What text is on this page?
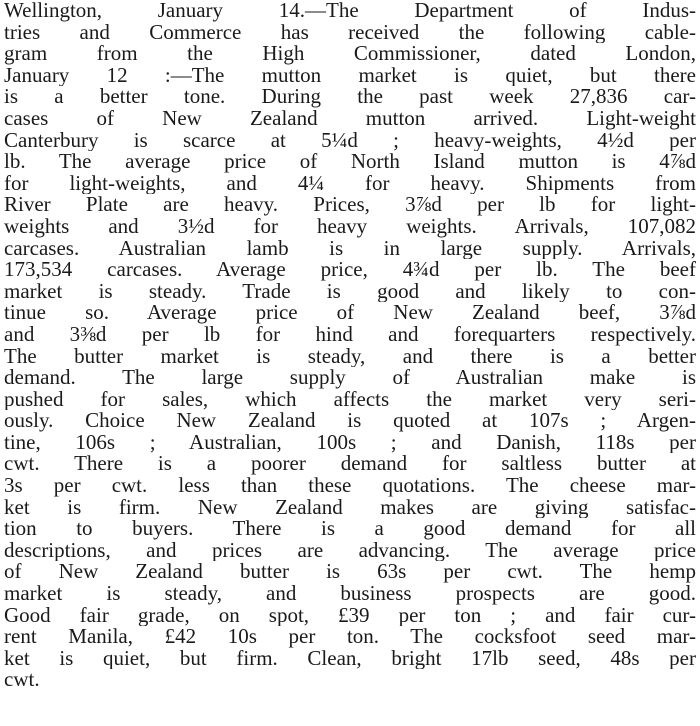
Wellington, January 14.—The Department of Indus-
tries and Commerce has received the following cable-
gram from the High Commissioner, dated London,
January 12 :—The mutton market is quiet, but there
is a better tone. During the past week 27,836 car-
cases of New Zealand mutton arrived. Light-weight
Canterbury is scarce at 5¼d ; heavy-weights, 4½d per
lb. The average price of North Island mutton is 4⅞d
for light-weights, and 4¼ for heavy. Shipments from
River Plate are heavy. Prices, 3⅞d per lb for light-
weights and 3½d for heavy weights. Arrivals, 107,082
carcases. Australian lamb is in large supply. Arrivals,
173,534 carcases. Average price, 4¾d per lb. The beef
market is steady. Trade is good and likely to con-
tinue so. Average price of New Zealand beef, 3⅞d
and 3⅜d per lb for hind and forequarters respectively.
The butter market is steady, and there is a better
demand. The large supply of Australian make is
pushed for sales, which affects the market very seri-
ously. Choice New Zealand is quoted at 107s ; Argen-
tine, 106s ; Australian, 100s ; and Danish, 118s per
cwt. There is a poorer demand for saltless butter at
3s per cwt. less than these quotations. The cheese mar-
ket is firm. New Zealand makes are giving satisfac-
tion to buyers. There is a good demand for all
descriptions, and prices are advancing. The average price
of New Zealand butter is 63s per cwt. The hemp
market is steady, and business prospects are good.
Good fair grade, on spot, £39 per ton ; and fair cur-
rent Manila, £42 10s per ton. The cocksfoot seed mar-
ket is quiet, but firm. Clean, bright 17lb seed, 48s per
cwt.
